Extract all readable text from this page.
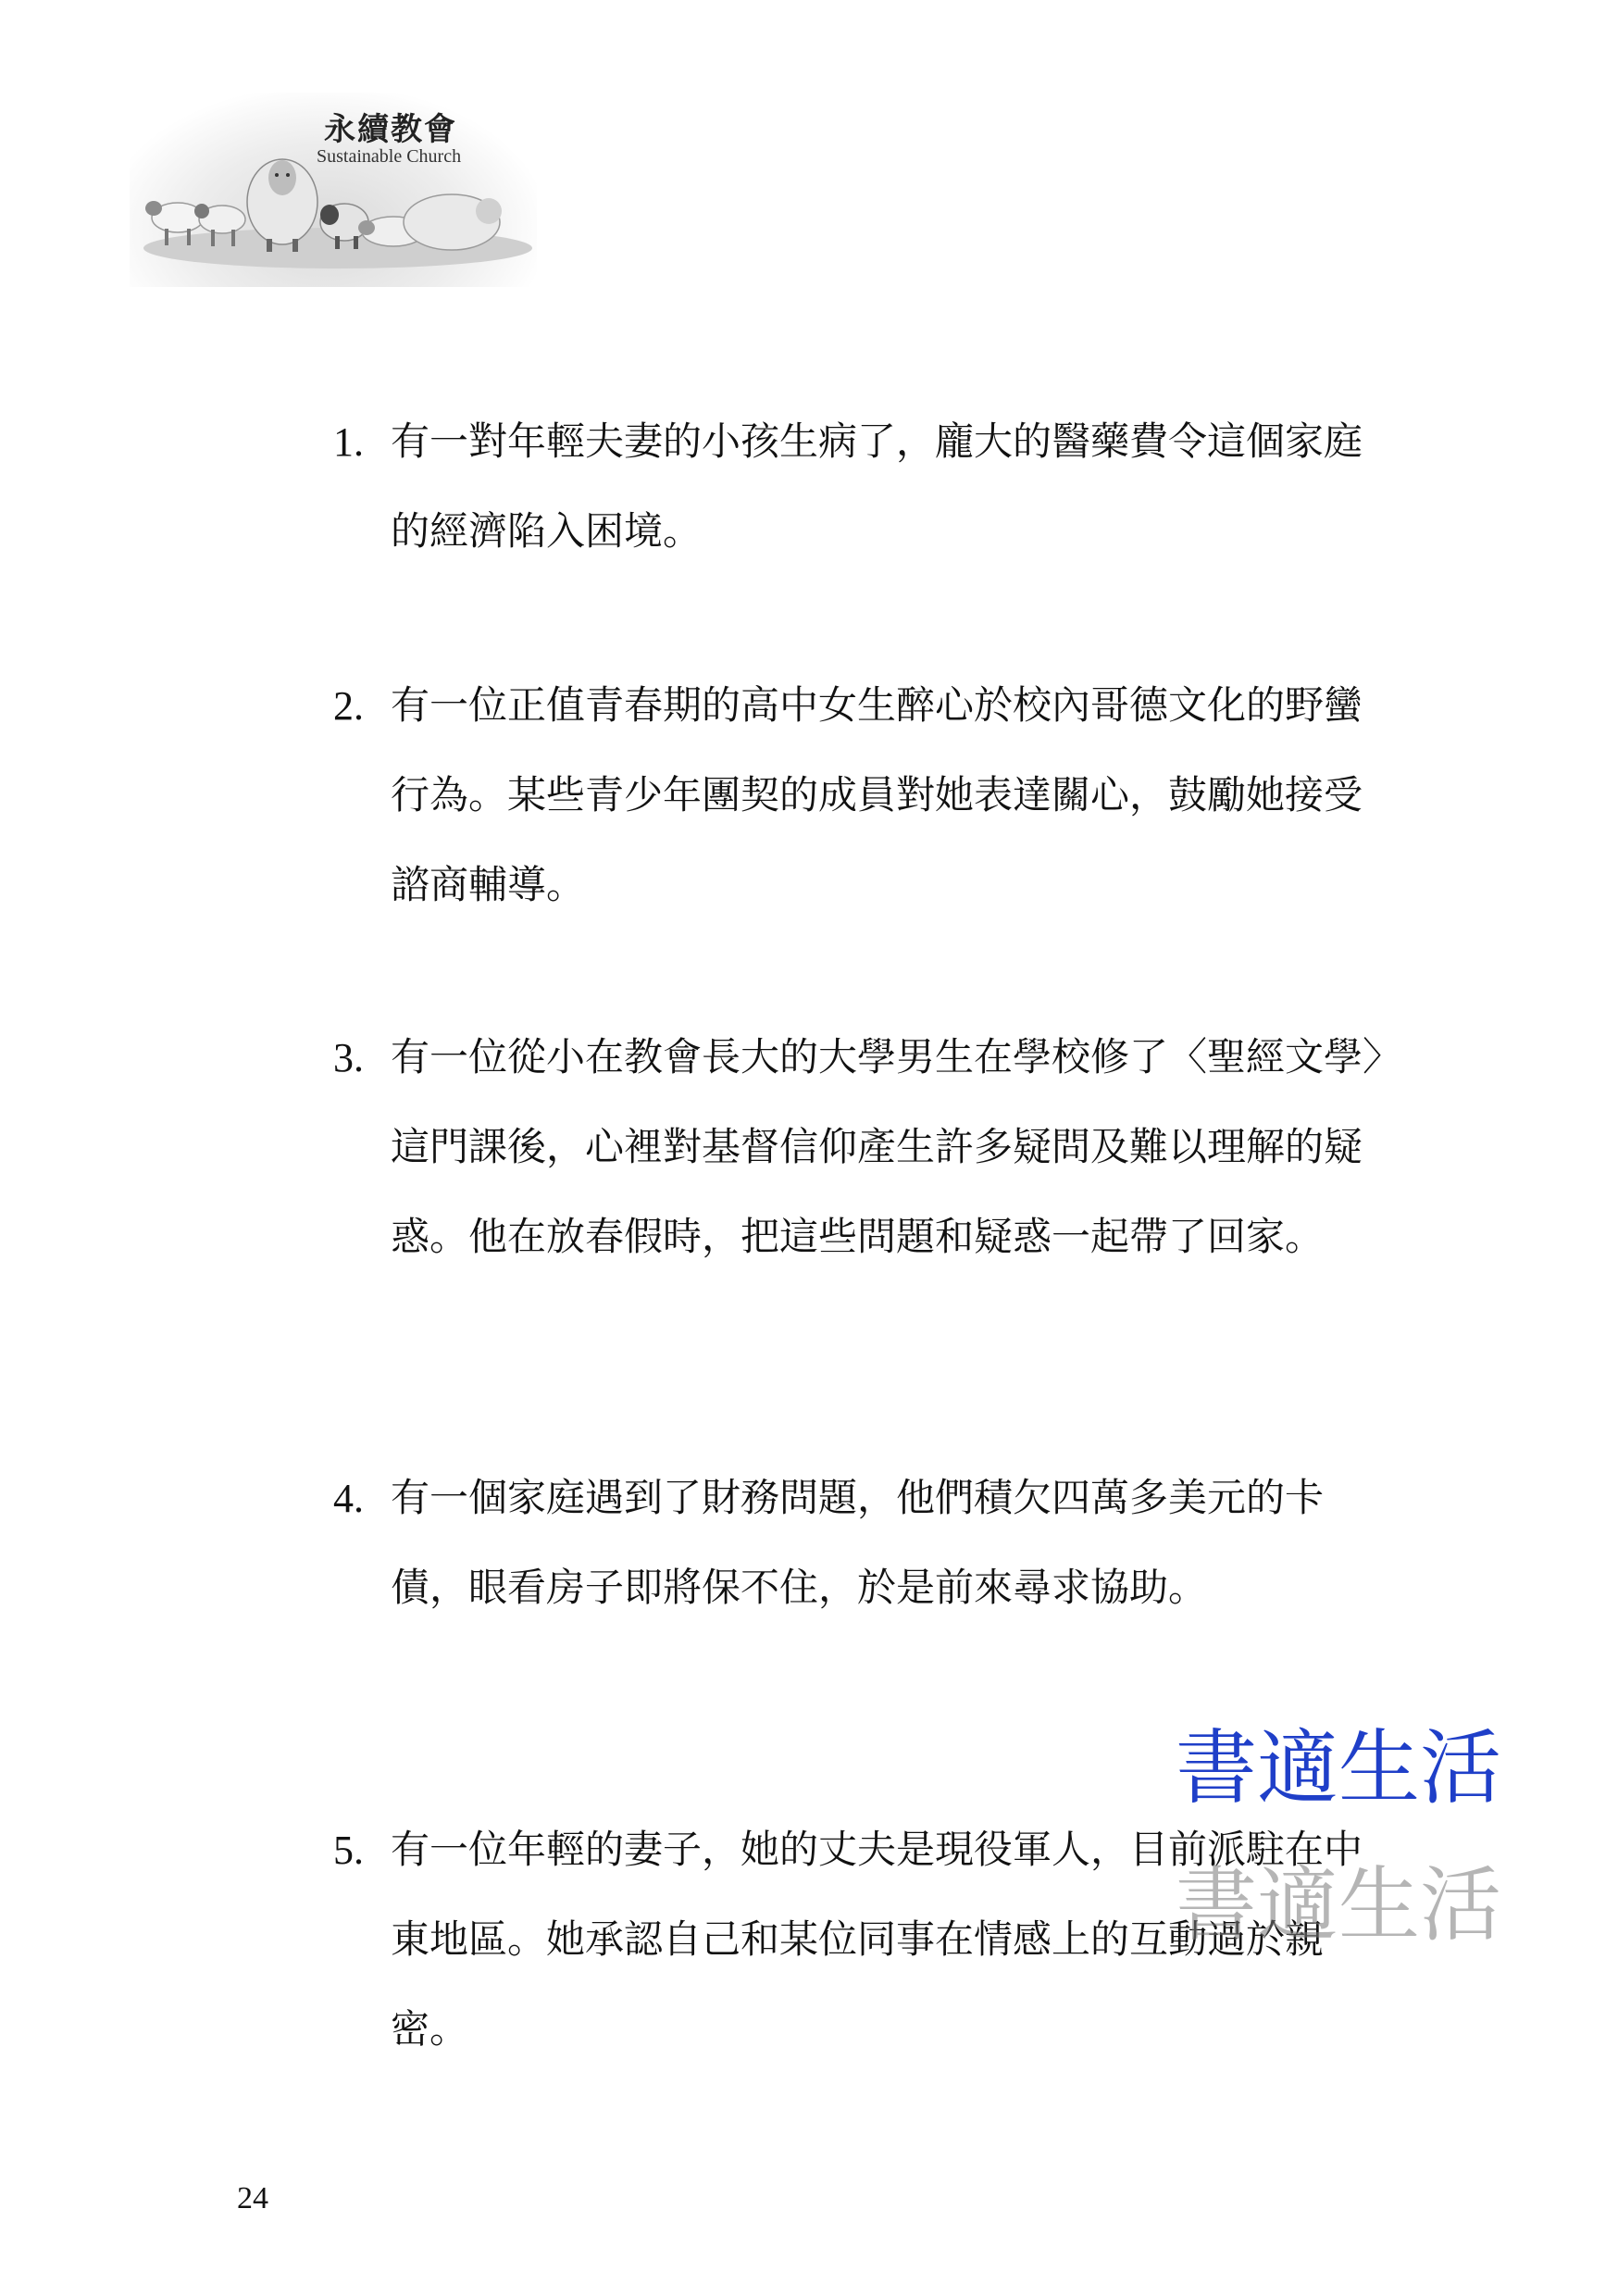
永續教會
Sustainable Church
1. 有一對年輕夫妻的小孩生病了，龐大的醫藥費令這個家庭的經濟陷入困境。
2. 有一位正值青春期的高中女生醉心於校內哥德文化的野蠻行為。某些青少年團契的成員對她表達關心，鼓勵她接受諮商輔導。
3. 有一位從小在教會長大的大學男生在學校修了〈聖經文學〉這門課後，心裡對基督信仰產生許多疑問及難以理解的疑惑。他在放春假時，把這些問題和疑惑一起帶了回家。
4. 有一個家庭遇到了財務問題，他們積欠四萬多美元的卡債，眼看房子即將保不住，於是前來尋求協助。
5. 有一位年輕的妻子，她的丈夫是現役軍人，目前派駐在中東地區。她承認自己和某位同事在情感上的互動過於親密。
書適生活
書適生活
24
